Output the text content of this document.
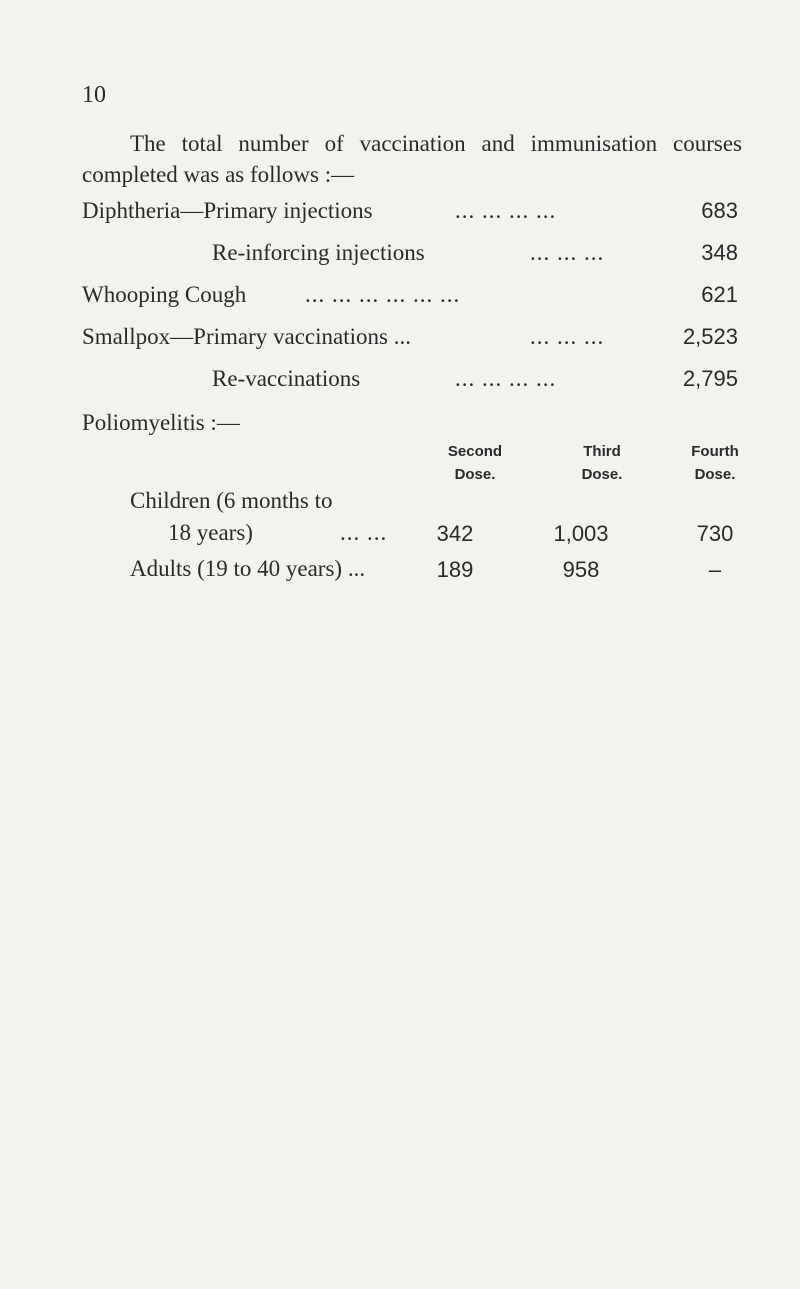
10
The total number of vaccination and immunisation courses
completed was as follows :—
Diphtheria—Primary injections	... ... ... ...	683
Re-inforcing injections	... ... ...	348
Whooping Cough	... ... ... ... ... ...	621
Smallpox—Primary vaccinations ...	... ... ...	2,523
Re-vaccinations	... ... ... ...	2,795
Poliomyelitis :—
Second
Dose.
Third
Dose.
Fourth
Dose.
Children (6 months to
18 years)	... ...	342	1,003	730
Adults (19 to 40 years) ...	189	958	–
